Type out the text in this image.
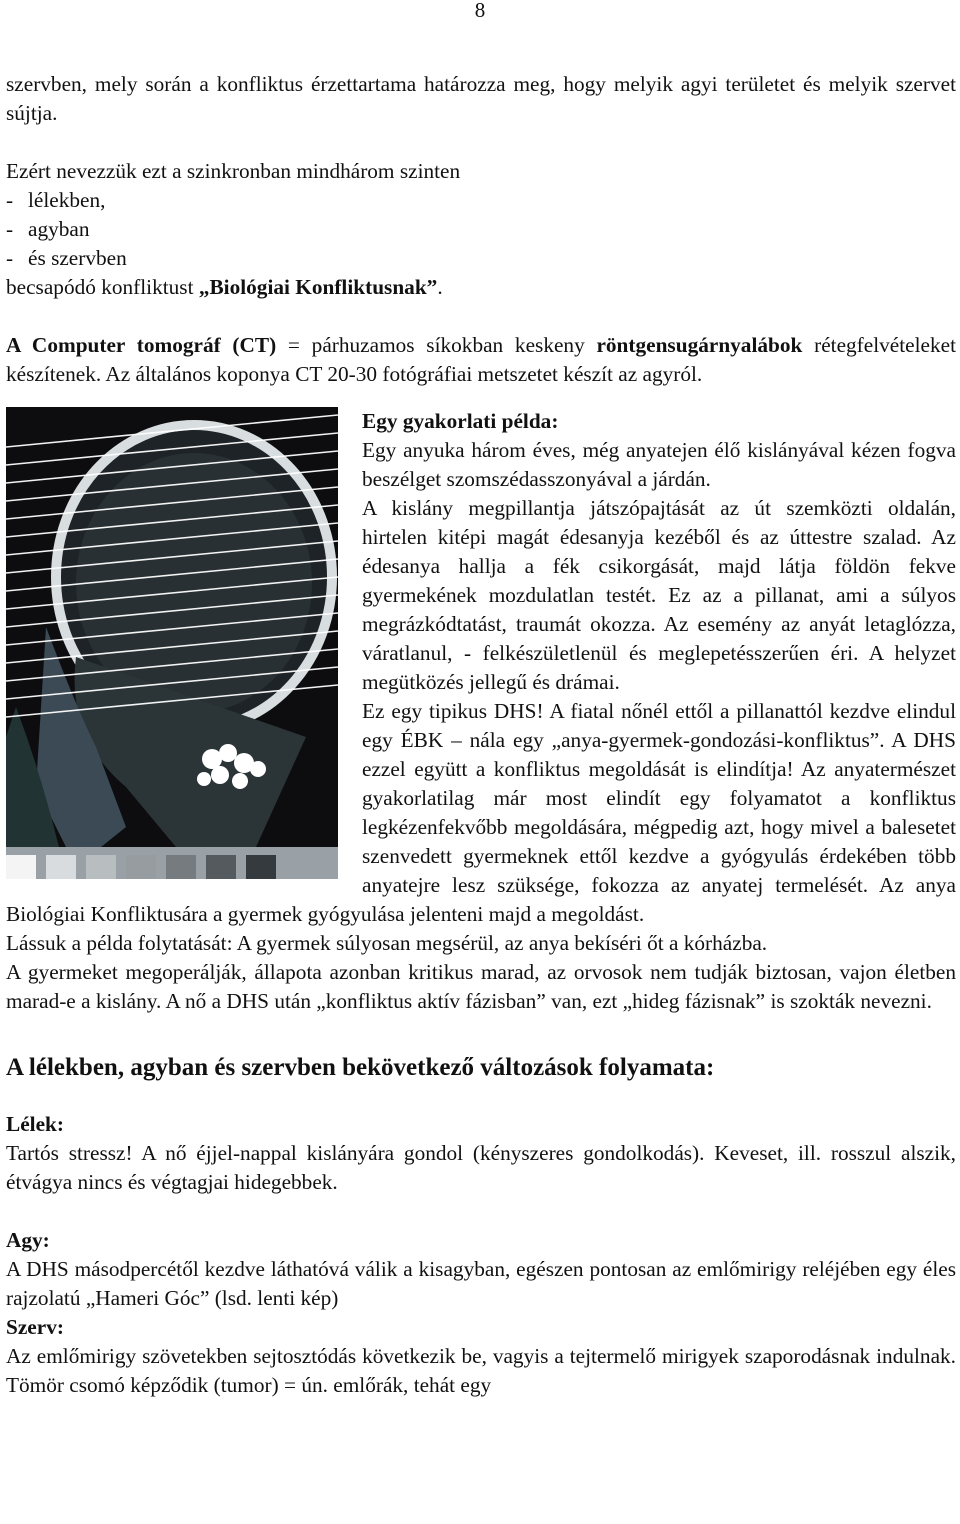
8

szervben, mely során a konfliktus érzettartama határozza meg, hogy melyik agyi területet és melyik szervet sújtja.

Ezért nevezzük ezt a szinkronban mindhárom szinten

- lélekben,
- agyban
- és szervben

becsapódó konfliktust „Biológiai Konfliktusnak”.

A Computer tomográf (CT) = párhuzamos síkokban keskeny röntgensugárnyalábok rétegfelvételeket készítenek. Az általános koponya CT 20-30 fotógráfiai metszetet készít az agyról.

Egy gyakorlati példa:

Egy anyuka három éves, még anyatejen élő kislányával kézen fogva beszélget szomszédasszonyával a járdán.

A kislány megpillantja játszópajtását az út szemközti oldalán, hirtelen kitépi magát édesanyja kezéből és az úttestre szalad. Az édesanya hallja a fék csikorgását, majd látja földön fekve gyermekének mozdulatlan testét. Ez az a pillanat, ami a súlyos megrázkódtatást, traumát okozza. Az esemény az anyát letaglózza, váratlanul, - felkészületlenül és meglepetésszerűen éri. A helyzet megütközés jellegű és drámai.

Ez egy tipikus DHS! A fiatal nőnél ettől a pillanattól kezdve elindul egy ÉBK – nála egy „anya-gyermek-gondozási-konfliktus”. A DHS ezzel együtt a konfliktus megoldását is elindítja! Az anyatermészet gyakorlatilag már most elindít egy folyamatot a konfliktus legkézenfekvőbb megoldására, mégpedig azt, hogy mivel a balesetet szenvedett gyermeknek ettől kezdve a gyógyulás érdekében több anyatejre lesz szüksége, fokozza az anyatej termelését. Az anya Biológiai Konfliktusára a gyermek gyógyulása jelenteni majd a megoldást.

Lássuk a példa folytatását: A gyermek súlyosan megsérül, az anya bekíséri őt a kórházba.

A gyermeket megoperálják, állapota azonban kritikus marad, az orvosok nem tudják biztosan, vajon életben marad-e a kislány. A nő a DHS után „konfliktus aktív fázisban” van, ezt „hideg fázisnak” is szokták nevezni.

A lélekben, agyban és szervben bekövetkező változások folyamata:

Lélek:

Tartós stressz! A nő éjjel-nappal kislányára gondol (kényszeres gondolkodás). Keveset, ill. rosszul alszik, étvágya nincs és végtagjai hidegebbek.

Agy:

A DHS másodpercétől kezdve láthatóvá válik a kisagyban, egészen pontosan az emlőmirigy reléjében egy éles rajzolatú „Hameri Góc” (lsd. lenti kép)

Szerv:

Az emlőmirigy szövetekben sejtosztódás következik be, vagyis a tejtermelő mirigyek szaporodásnak indulnak. Tömör csomó képződik (tumor) = ún. emlőrák, tehát egy
